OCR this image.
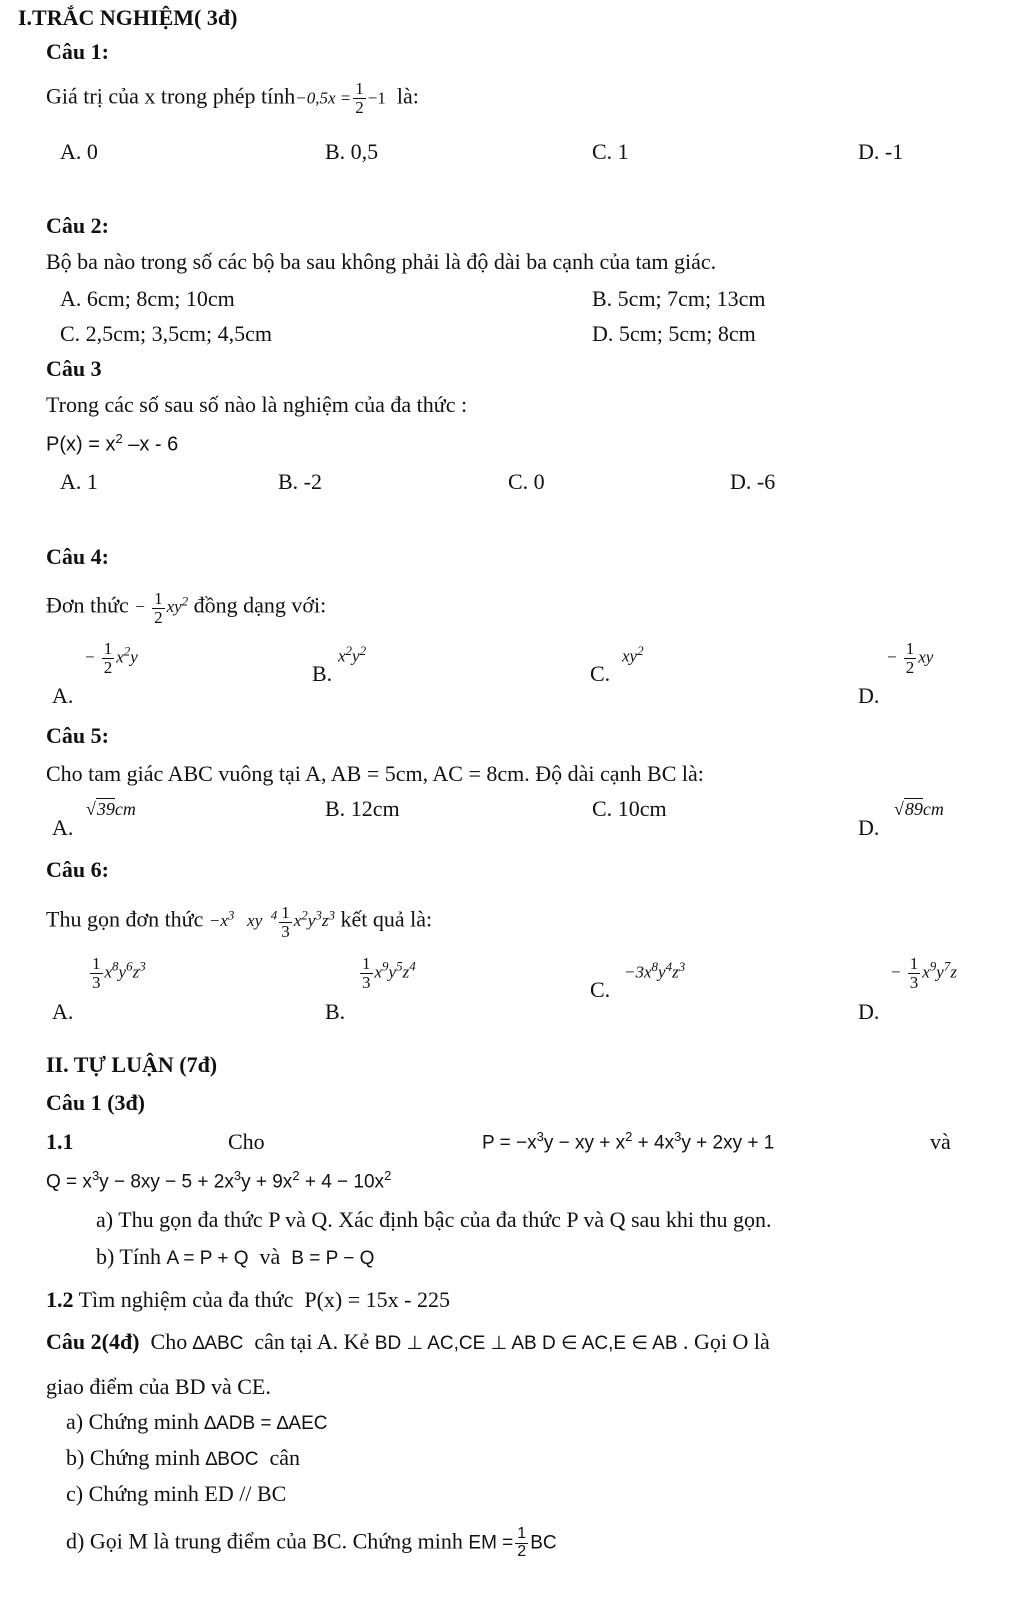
I.TRẮC NGHIỆM( 3đ)
Câu 1:
Giá trị của x trong phép tính−0,5x = $\frac{1}{2} -1$ là:
A. 0	B. 0,5	C. 1	D. -1
Câu 2:
Bộ ba nào trong số các bộ ba sau không phải là độ dài ba cạnh của tam giác.
A. 6cm; 8cm; 10cm	B. 5cm; 7cm; 13cm
C. 2,5cm; 3,5cm; 4,5cm	D. 5cm; 5cm; 8cm
Câu 3
Trong các số sau số nào là nghiệm của đa thức :
$P(x) = x^2$ –x - 6
A. 1	B. -2	C. 0	D. -6
Câu 4:
Đơn thức − $\frac{1}{2} xy^2$ đồng dạng với:
− $\frac{1}{2} x^2y$
A.
B.
$x^2y^2$
C.
$xy^2$	− $\frac{1}{2}$ xy
D.
Câu 5:
Cho tam giác ABC vuông tại A, AB = 5cm, AC = 8cm. Độ dài cạnh BC là:
A.
√39cm	B. 12cm	C. 10cm
D.
√89cm
Câu 6:
Thu gọn đơn thức $-x^3$   xy  $^4 \frac{1}{3} x^2y^3z^3$ kết quả là:
$\frac{1}{3} x^8y^6z^3$
A.
$\frac{1}{3} x^9y^5z^4$
B.
C.
$-3x^8y^4z^3$	− $\frac{1}{3} x^9y^7z$
D.
II. TỰ LUẬN (7đ)
Câu 1 (3đ)
1.1	Cho	$P = -x^3y$ − xy + $x^2 + 4x^3y + 2xy + 1$	và
$Q = x^3y - 8xy - 5 + 2x^3y + 9x^2 + 4 - 10x^2$
a) Thu gọn đa thức P và Q. Xác định bậc của đa thức P và Q sau khi thu gọn.
b) Tính A = P + Q và B = P − Q
1.2 Tìm nghiệm của đa thức P(x) = 15x - 225
Câu 2(4đ) Cho ∆ABC cân tại A. Kẻ BD ⊥ AC,CE ⊥ AB D ∈ AC,E ∈ AB . Gọi O là
giao điểm của BD và CE.
a) Chứng minh ∆ADB = ∆AEC
b) Chứng minh ∆BOC cân
c) Chứng minh ED // BC
d) Gọi M là trung điểm của BC. Chứng minh EM = $\frac{1}{2}$ BC
